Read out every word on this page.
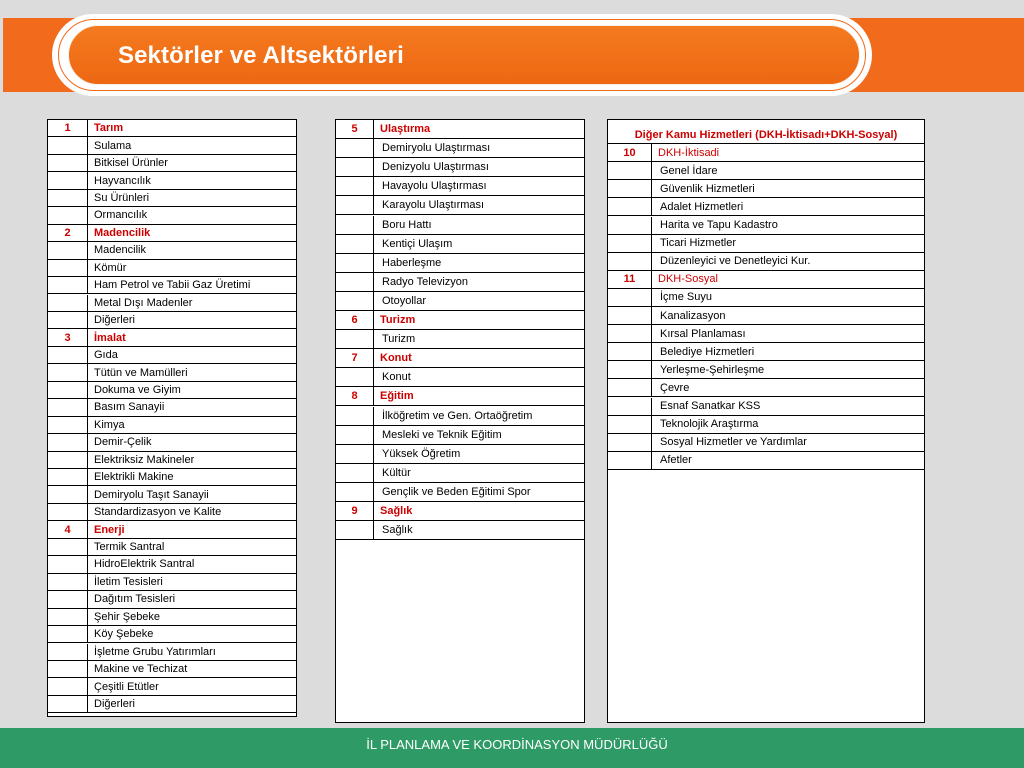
Sektörler ve Altsektörleri
1	Tarım
Sulama
Bitkisel Ürünler
Hayvancılık
Su Ürünleri
Ormancılık
2	Madencilik
Madencilik
Kömür
Ham Petrol ve Tabii Gaz Üretimi
Metal Dışı Madenler
Diğerleri
3	İmalat
Gıda
Tütün ve Mamülleri
Dokuma ve Giyim
Basım Sanayii
Kimya
Demir-Çelik
Elektriksiz Makineler
Elektrikli Makine
Demiryolu Taşıt Sanayii
Standardizasyon ve Kalite
4	Enerji
Termik Santral
HidroElektrik Santral
İletim Tesisleri
Dağıtım Tesisleri
Şehir Şebeke
Köy Şebeke
İşletme Grubu Yatırımları
Makine ve Techizat
Çeşitli Etütler
Diğerleri
5	Ulaştırma
Demiryolu Ulaştırması
Denizyolu Ulaştırması
Havayolu Ulaştırması
Karayolu Ulaştırması
Boru Hattı
Kentiçi Ulaşım
Haberleşme
Radyo Televizyon
Otoyollar
6	Turizm
Turizm
7	Konut
Konut
8	Eğitim
İlköğretim ve Gen. Ortaöğretim
Mesleki ve Teknik Eğitim
Yüksek Öğretim
Kültür
Gençlik ve Beden Eğitimi Spor
9	Sağlık
Sağlık
Diğer Kamu Hizmetleri (DKH-İktisadı+DKH-Sosyal)
10	DKH-İktisadi
Genel İdare
Güvenlik Hizmetleri
Adalet Hizmetleri
Harita ve Tapu Kadastro
Ticari Hizmetler
Düzenleyici ve Denetleyici Kur.
11	DKH-Sosyal
İçme Suyu
Kanalizasyon
Kırsal Planlaması
Belediye Hizmetleri
Yerleşme-Şehirleşme
Çevre
Esnaf Sanatkar KSS
Teknolojik Araştırma
Sosyal Hizmetler ve Yardımlar
Afetler
İL PLANLAMA VE KOORDİNASYON MÜDÜRLÜĞÜ
